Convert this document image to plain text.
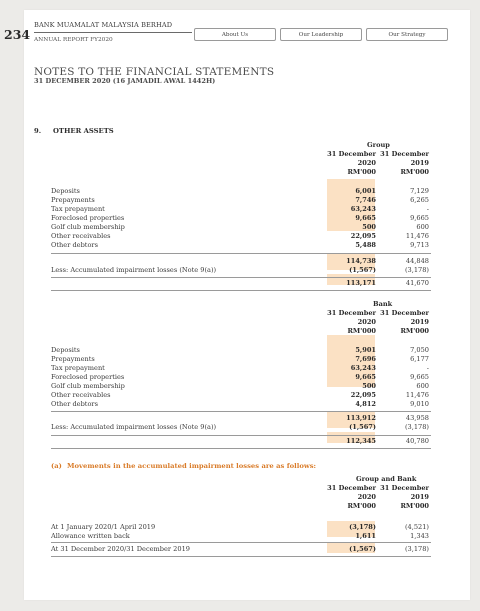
234
BANK MUAMALAT MALAYSIA BERHAD
ANNUAL REPORT FY2020
About Us	Our Leadership	Our Strategy
NOTES TO THE FINANCIAL STATEMENTS
31 DECEMBER 2020 (16 JAMADIL AWAL 1442H)
9. OTHER ASSETS
Group
31 December 31 December
2020	2019
RM'000	RM'000
Deposits	6,001	7,129
Prepayments	7,746	6,265
Tax prepayment	63,243	-
Foreclosed properties	9,665	9,665
Golf club membership	500	600
Other receivables	22,095	11,476
Other debtors	5,488	9,713
114,738	44,848
Less: Accumulated impairment losses (Note 9(a))	(1,567)	(3,178)
113,171	41,670
Bank
31 December 31 December
2020	2019
RM'000	RM'000
Deposits	5,901	7,050
Prepayments	7,696	6,177
Tax prepayment	63,243	-
Foreclosed properties	9,665	9,665
Golf club membership	500	600
Other receivables	22,095	11,476
Other debtors	4,812	9,010
113,912	43,958
Less: Accumulated impairment losses (Note 9(a))	(1,567)	(3,178)
112,345	40,780
(a) Movements in the accumulated impairment losses are as follows:
Group and Bank
31 December 31 December
2020	2019
RM'000	RM'000
At 1 January 2020/1 April 2019	(3,178)	(4,521)
Allowance written back	1,611	1,343
At 31 December 2020/31 December 2019	(1,567)	(3,178)
